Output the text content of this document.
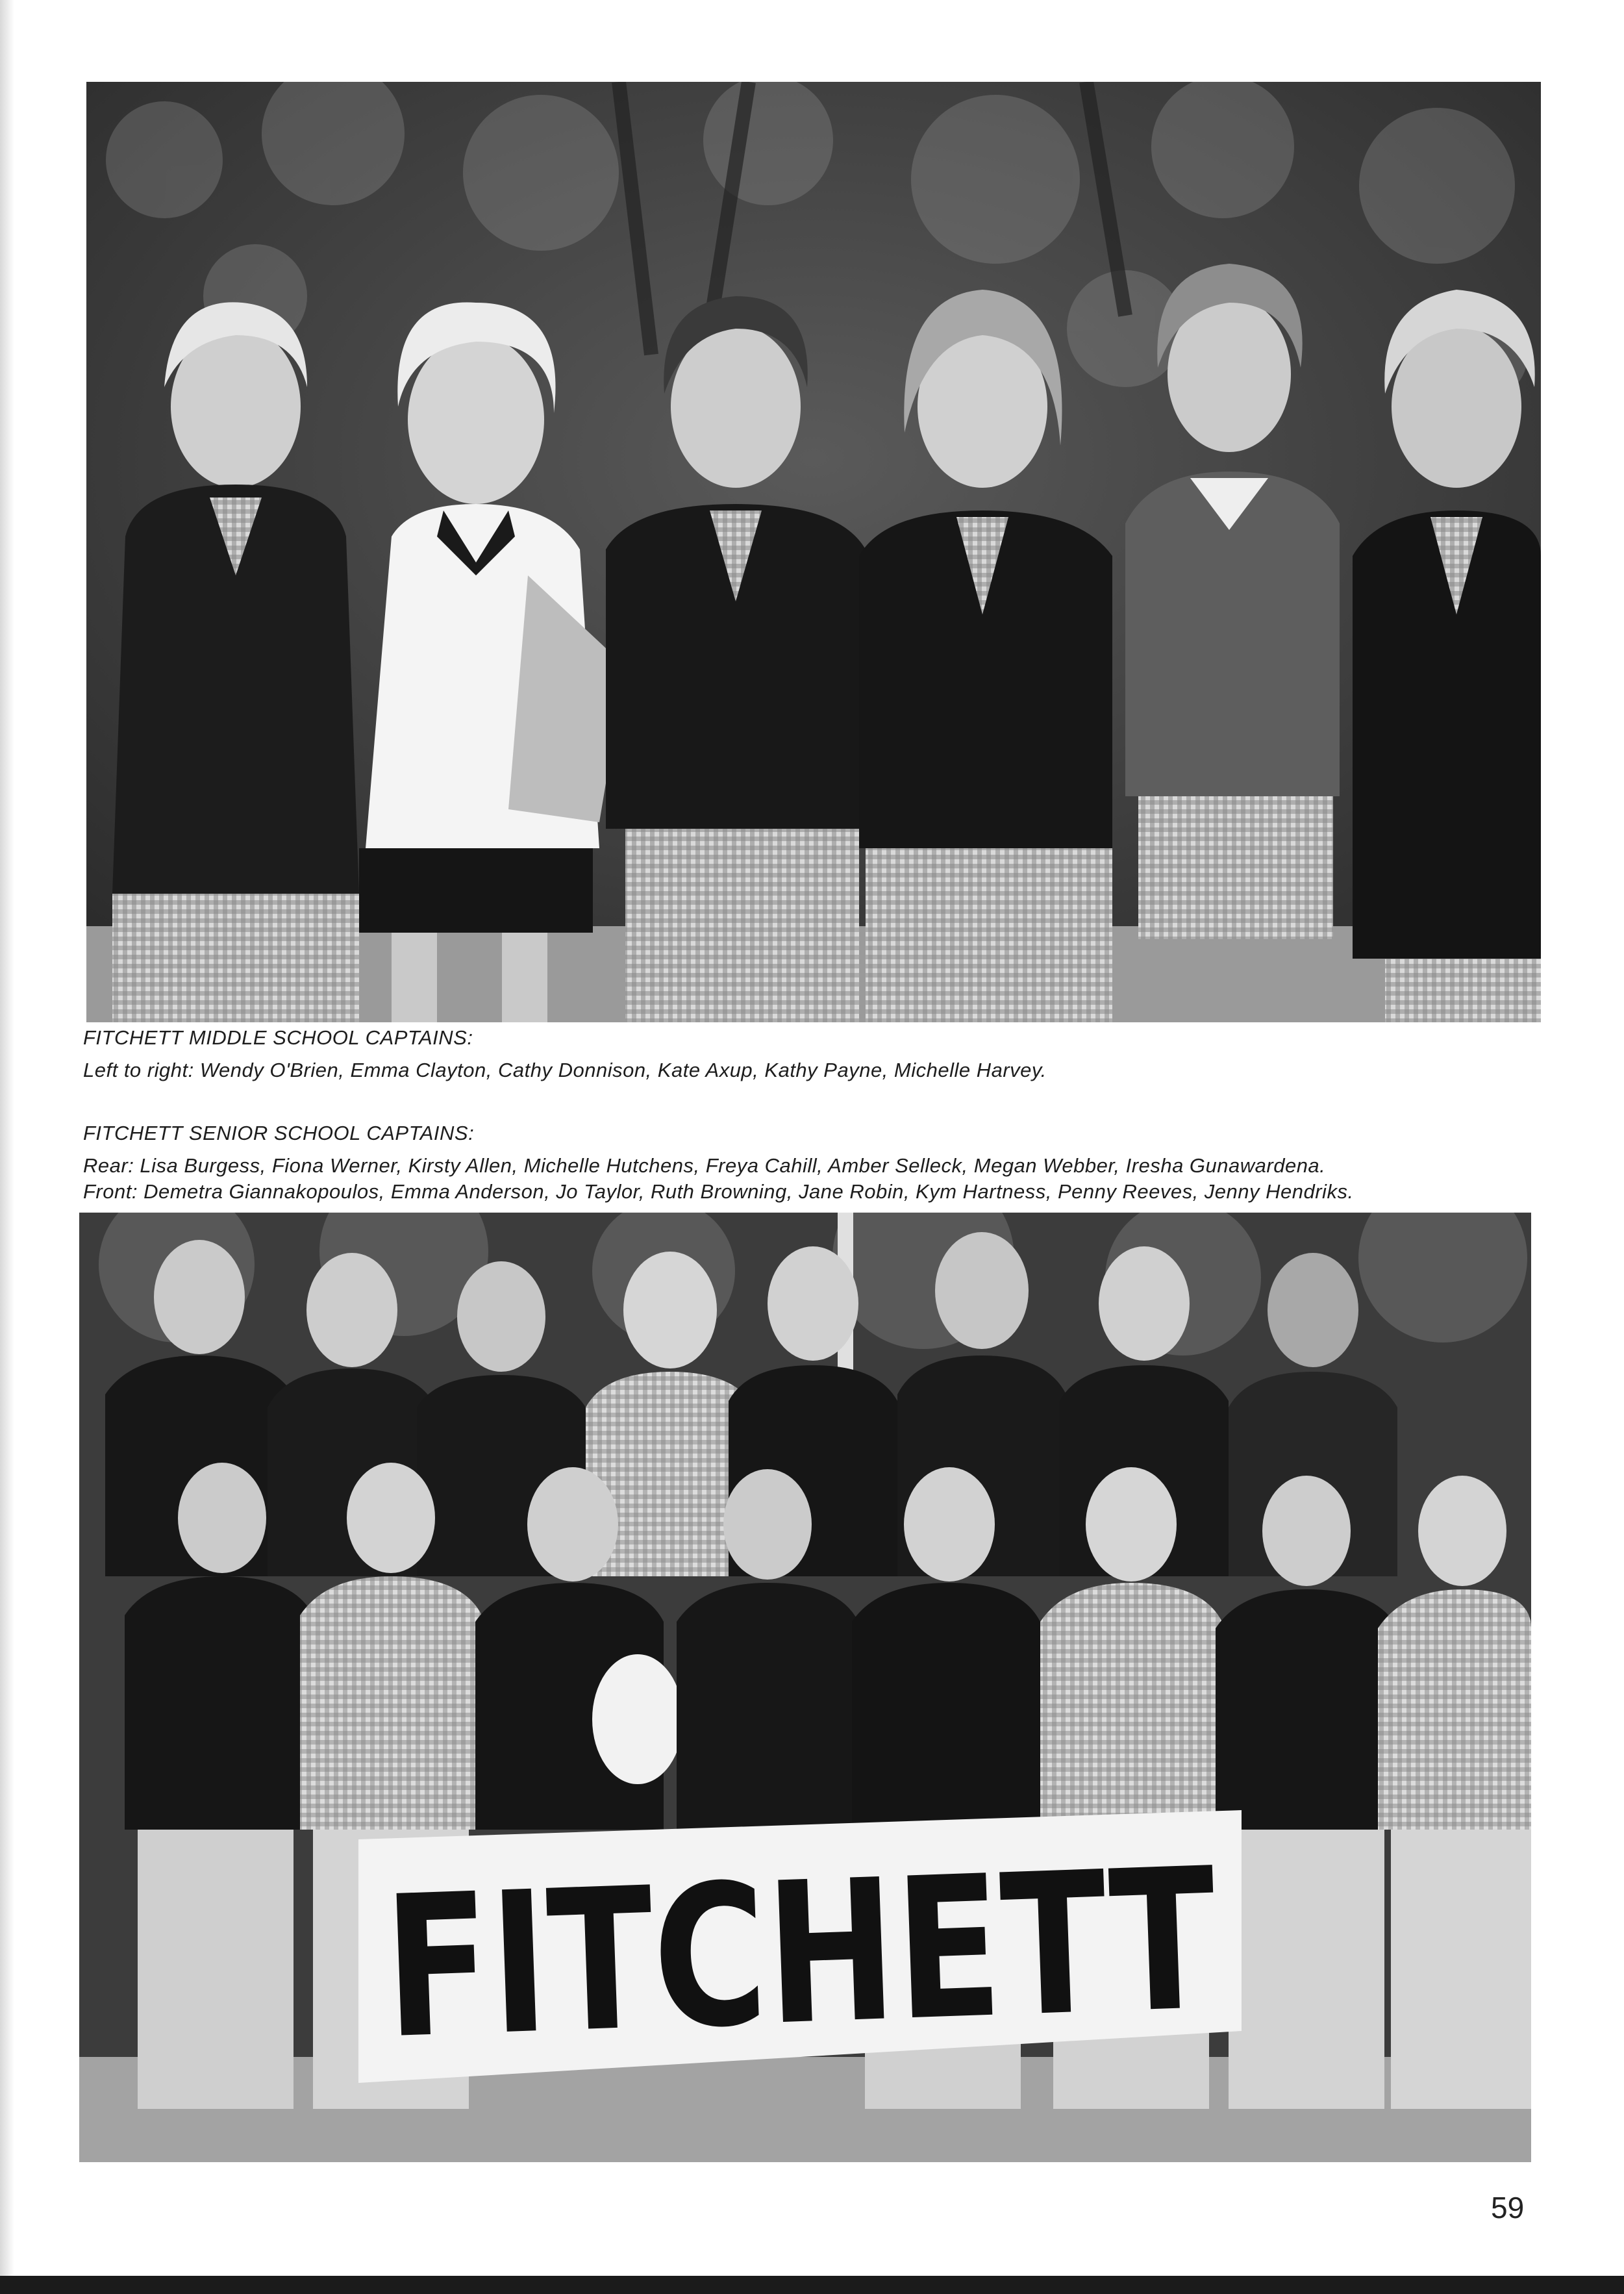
FITCHETT MIDDLE SCHOOL CAPTAINS:
Left to right: Wendy O'Brien, Emma Clayton, Cathy Donnison, Kate Axup, Kathy Payne, Michelle Harvey.
FITCHETT SENIOR SCHOOL CAPTAINS:
Rear: Lisa Burgess, Fiona Werner, Kirsty Allen, Michelle Hutchens, Freya Cahill, Amber Selleck, Megan Webber, Iresha Gunawardena.
Front: Demetra Giannakopoulos, Emma Anderson, Jo Taylor, Ruth Browning, Jane Robin, Kym Hartness, Penny Reeves, Jenny Hendriks.
FITCHETT
59
